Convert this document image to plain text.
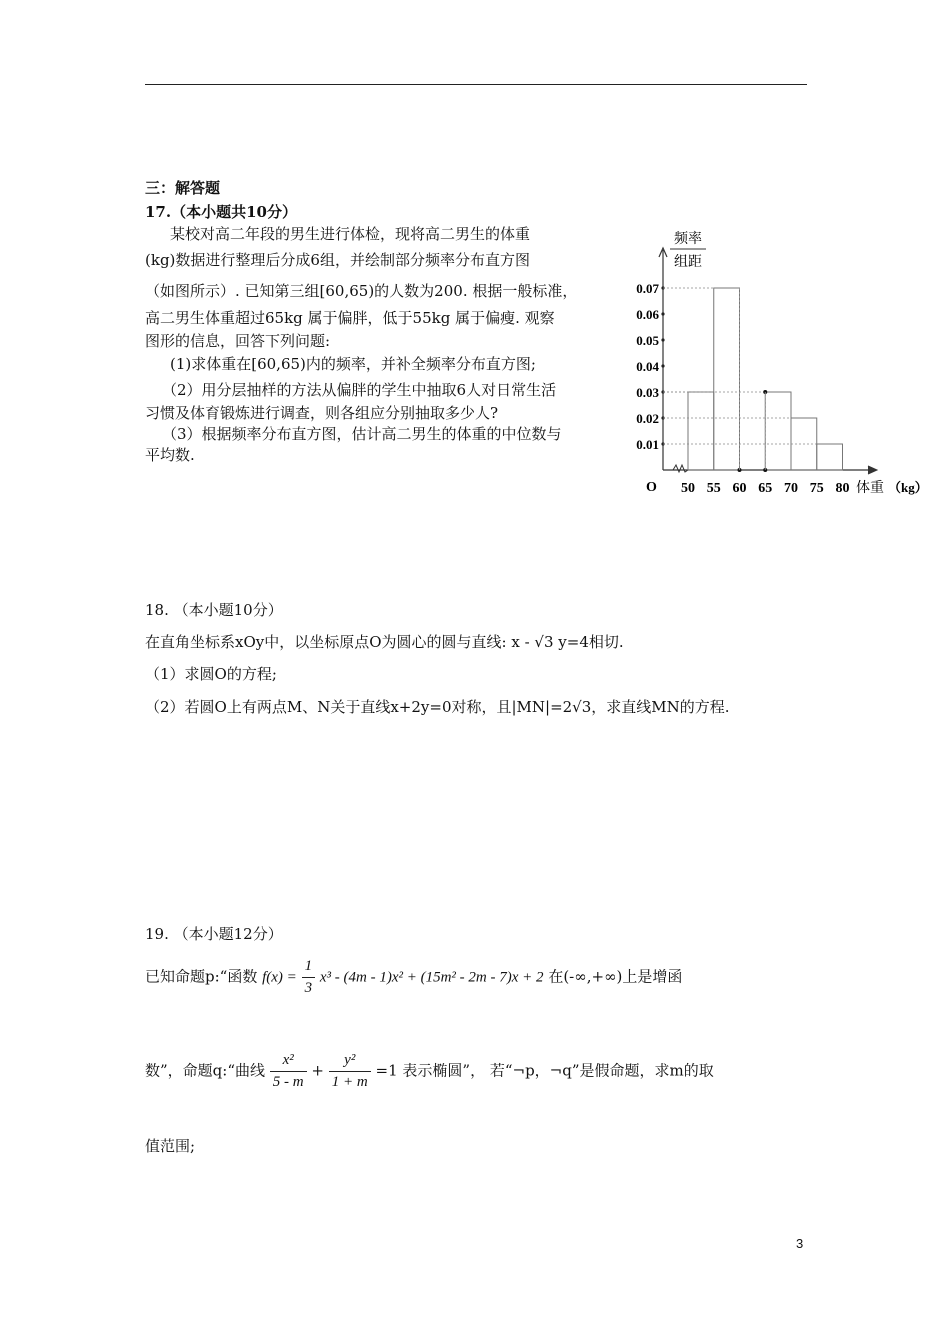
三：解答题
17.（本小题共10分）
某校对高二年段的男生进行体检，现将高二男生的体重
(kg)数据进行整理后分成6组，并绘制部分频率分布直方图
（如图所示）. 已知第三组[60,65)的人数为200. 根据一般标准，
高二男生体重超过65kg 属于偏胖，低于55kg 属于偏瘦. 观察
图形的信息，回答下列问题:
(1)求体重在[60,65)内的频率，并补全频率分布直方图;
（2）用分层抽样的方法从偏胖的学生中抽取6人对日常生活
习惯及体育锻炼进行调查，则各组应分别抽取多少人?
（3）根据频率分布直方图，估计高二男生的体重的中位数与
平均数.
频率
组距
0.01
0.02
0.03
0.04
0.05
0.06
0.07
50 55 60 65 70 75 80
O	体重 （kg）
18. （本小题10分）
在直角坐标系xOy中，以坐标原点O为圆心的圆与直线: x - √3 y=4相切.
（1）求圆O的方程;
（2）若圆O上有两点M、N关于直线x+2y=0对称，且|MN|=2√3，求直线MN的方程.
19. （本小题12分）
已知命题p:“函数 $f(x) = \frac{1}{3} x^3 - (4m - 1)x^2 + (15m^2 - 2m - 7)x + 2$ 在(-∞,+∞)上是增函
数”，命题q:“曲线 $\frac{\text{x²}}{5 - m} + \frac{\text{y²}}{1 + m} =1$ 表示椭圆”， 若“¬p，¬q”是假命题，求m的取
值范围;
3
